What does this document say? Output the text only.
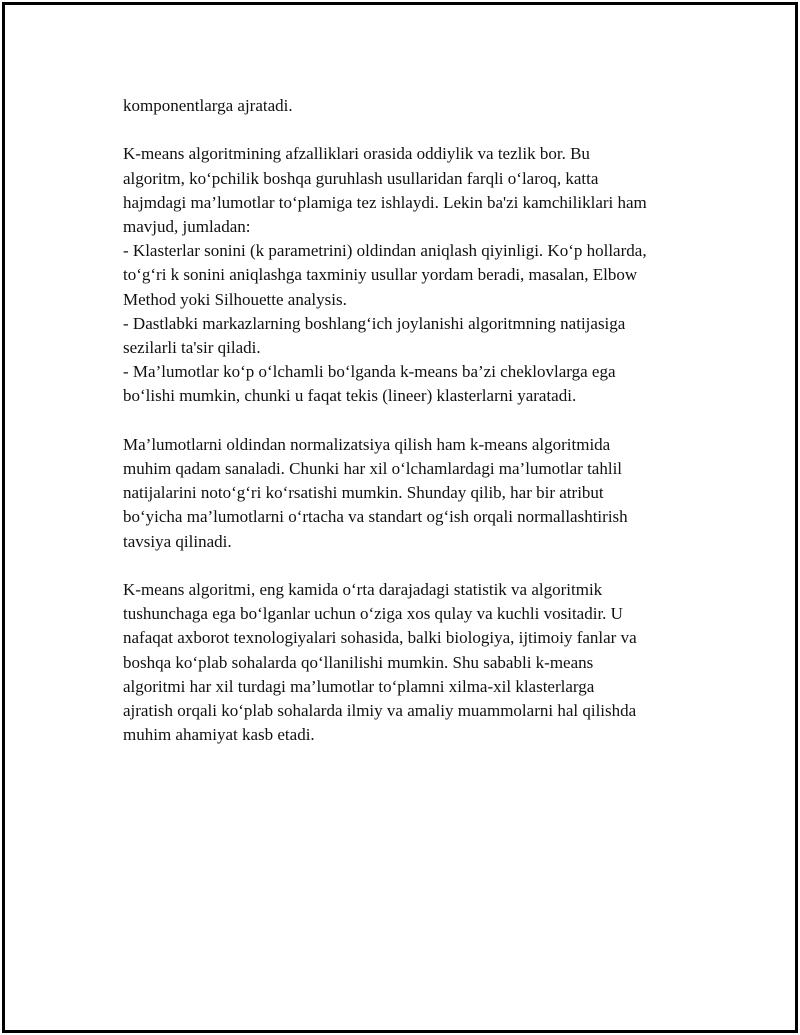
komponentlarga ajratadi.

K-means algoritmining afzalliklari orasida oddiylik va tezlik bor. Bu
algoritm, ko‘pchilik boshqa guruhlash usullaridan farqli o‘laroq, katta
hajmdagi ma’lumotlar to‘plamiga tez ishlaydi. Lekin ba'zi kamchiliklari ham
mavjud, jumladan:
- Klasterlar sonini (k parametrini) oldindan aniqlash qiyinligi. Ko‘p hollarda,
to‘g‘ri k sonini aniqlashga taxminiy usullar yordam beradi, masalan, Elbow
Method yoki Silhouette analysis.
- Dastlabki markazlarning boshlang‘ich joylanishi algoritmning natijasiga
sezilarli ta'sir qiladi.
- Ma’lumotlar ko‘p o‘lchamli bo‘lganda k-means ba’zi cheklovlarga ega
bo‘lishi mumkin, chunki u faqat tekis (lineer) klasterlarni yaratadi.

Ma’lumotlarni oldindan normalizatsiya qilish ham k-means algoritmida
muhim qadam sanaladi. Chunki har xil o‘lchamlardagi ma’lumotlar tahlil
natijalarini noto‘g‘ri ko‘rsatishi mumkin. Shunday qilib, har bir atribut
bo‘yicha ma’lumotlarni o‘rtacha va standart og‘ish orqali normallashtirish
tavsiya qilinadi.

K-means algoritmi, eng kamida o‘rta darajadagi statistik va algoritmik
tushunchaga ega bo‘lganlar uchun o‘ziga xos qulay va kuchli vositadir. U
nafaqat axborot texnologiyalari sohasida, balki biologiya, ijtimoiy fanlar va
boshqa ko‘plab sohalarda qo‘llanilishi mumkin. Shu sababli k-means
algoritmi har xil turdagi ma’lumotlar to‘plamni xilma-xil klasterlarga
ajratish orqali ko‘plab sohalarda ilmiy va amaliy muammolarni hal qilishda
muhim ahamiyat kasb etadi.
